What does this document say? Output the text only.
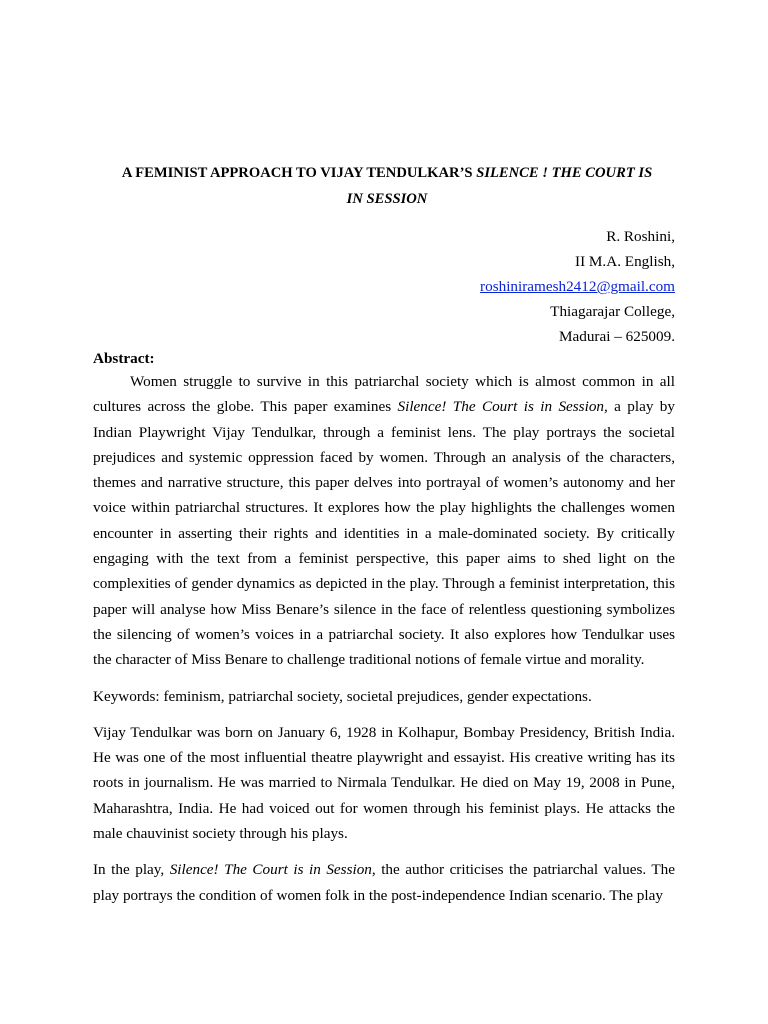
A FEMINIST APPROACH TO VIJAY TENDULKAR’S SILENCE ! THE COURT IS
IN SESSION
R. Roshini,
II M.A. English,
roshiniramesh2412@gmail.com
Thiagarajar College,
Madurai – 625009.
Abstract:

Women struggle to survive in this patriarchal society which is almost common in all cultures across the globe. This paper examines Silence! The Court is in Session, a play by Indian Playwright Vijay Tendulkar, through a feminist lens. The play portrays the societal prejudices and systemic oppression faced by women. Through an analysis of the characters, themes and narrative structure, this paper delves into portrayal of women’s autonomy and her voice within patriarchal structures. It explores how the play highlights the challenges women encounter in asserting their rights and identities in a male-dominated society. By critically engaging with the text from a feminist perspective, this paper aims to shed light on the complexities of gender dynamics as depicted in the play. Through a feminist interpretation, this paper will analyse how Miss Benare’s silence in the face of relentless questioning symbolizes the silencing of women’s voices in a patriarchal society. It also explores how Tendulkar uses the character of Miss Benare to challenge traditional notions of female virtue and morality.

Keywords: feminism, patriarchal society, societal prejudices, gender expectations.

Vijay Tendulkar was born on January 6, 1928 in Kolhapur, Bombay Presidency, British India. He was one of the most influential theatre playwright and essayist. His creative writing has its roots in journalism. He was married to Nirmala Tendulkar. He died on May 19, 2008 in Pune, Maharashtra, India. He had voiced out for women through his feminist plays. He attacks the male chauvinist society through his plays.

In the play, Silence! The Court is in Session, the author criticises the patriarchal values. The play portrays the condition of women folk in the post-independence Indian scenario. The play
